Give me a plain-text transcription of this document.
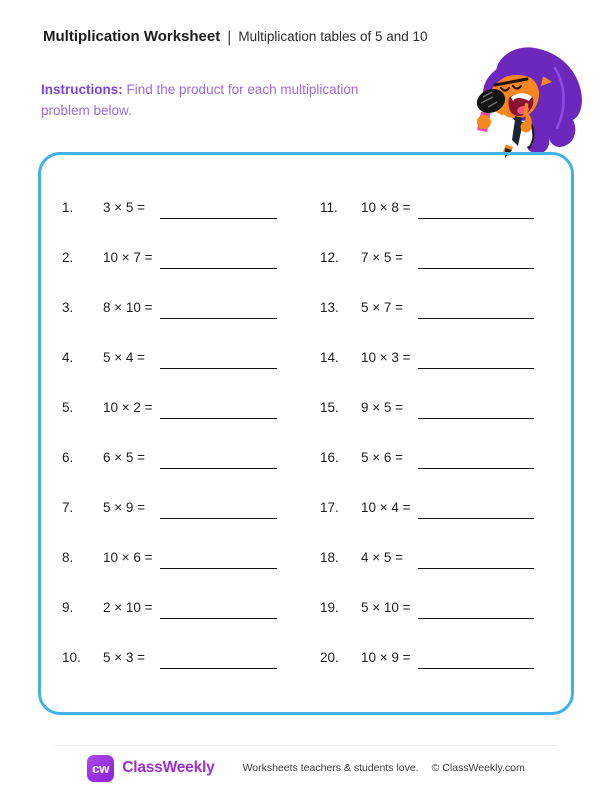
Multiplication Worksheet | Multiplication tables of 5 and 10
Instructions: Find the product for each multiplication problem below.
1. 3 × 5 =
2. 10 × 7 =
3. 8 × 10 =
4. 5 × 4 =
5. 10 × 2 =
6. 6 × 5 =
7. 5 × 9 =
8. 10 × 6 =
9. 2 × 10 =
10. 5 × 3 =
11. 10 × 8 =
12. 7 × 5 =
13. 5 × 7 =
14. 10 × 3 =
15. 9 × 5 =
16. 5 × 6 =
17. 10 × 4 =
18. 4 × 5 =
19. 5 × 10 =
20. 10 × 9 =
cw ClassWeekly	Worksheets teachers & students love. © ClassWeekly.com
